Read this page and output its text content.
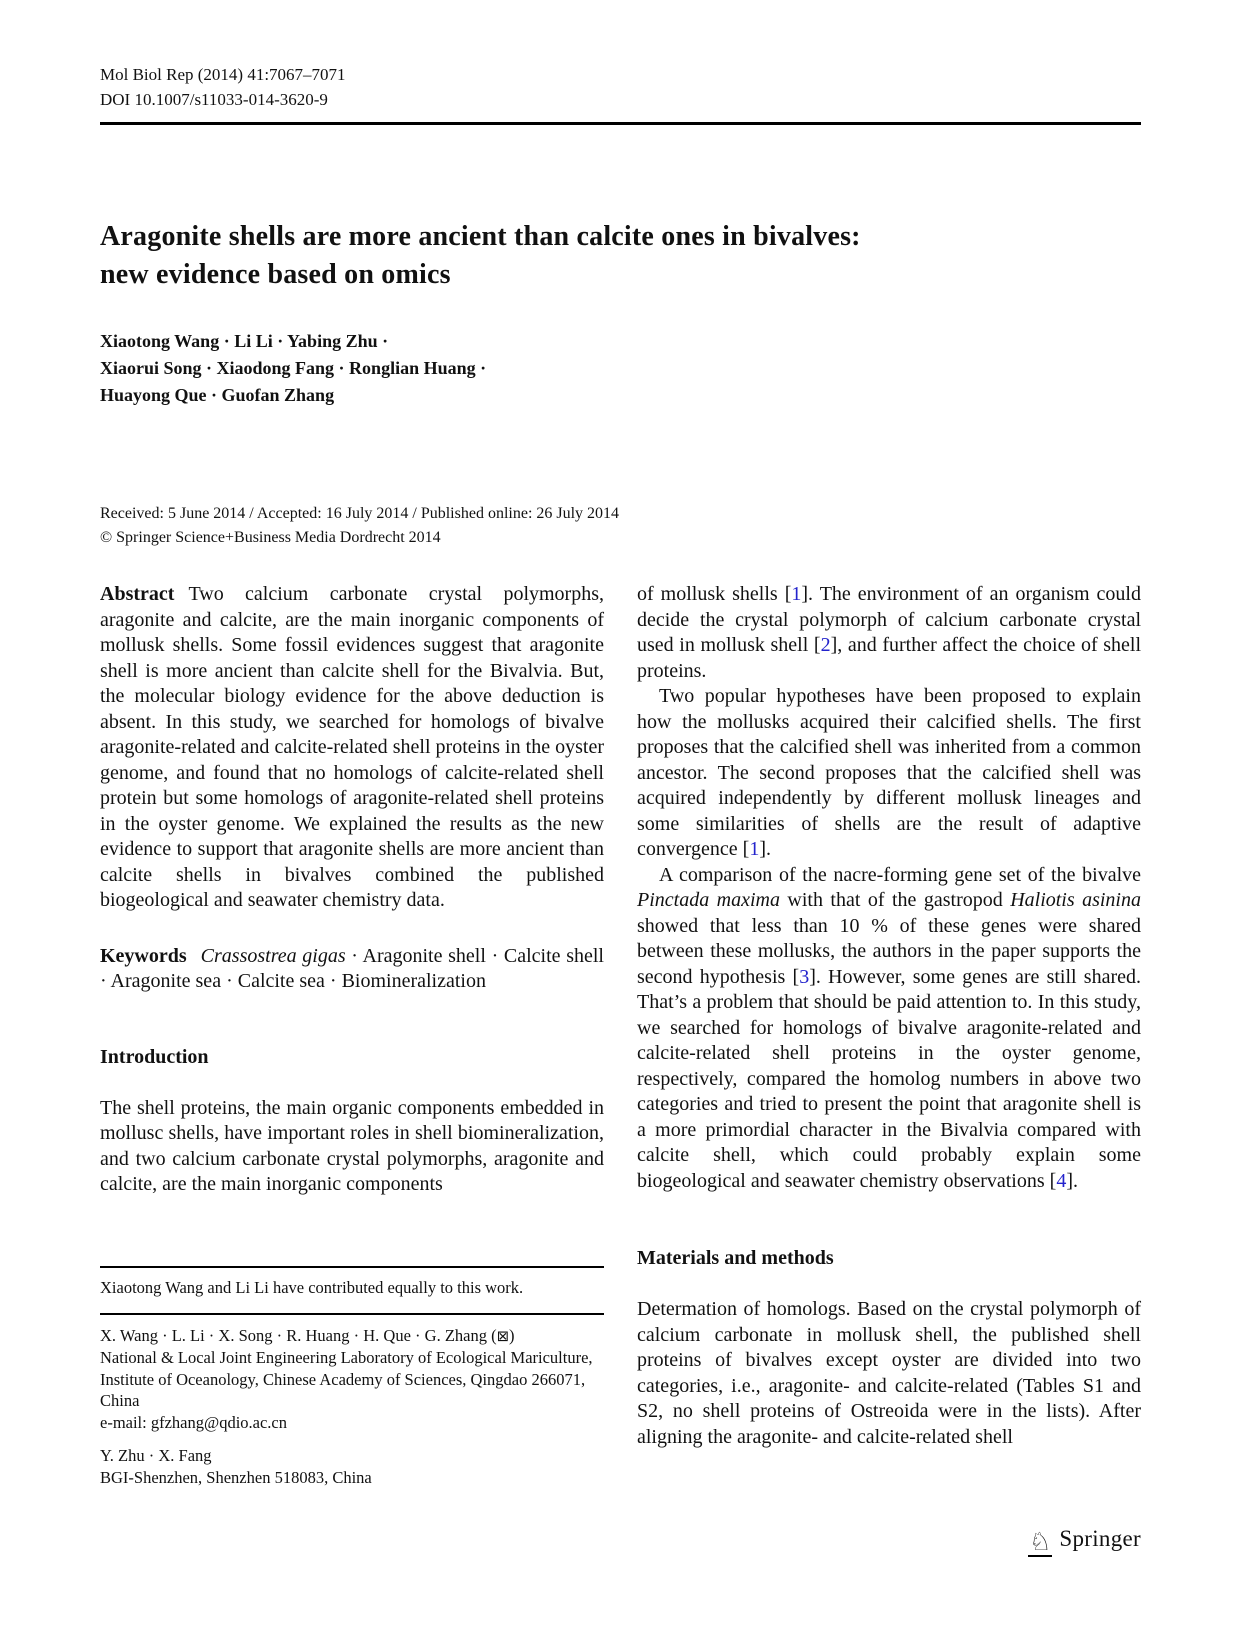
Mol Biol Rep (2014) 41:7067–7071
DOI 10.1007/s11033-014-3620-9
Aragonite shells are more ancient than calcite ones in bivalves:
new evidence based on omics
Xiaotong Wang · Li Li · Yabing Zhu ·
Xiaorui Song · Xiaodong Fang · Ronglian Huang ·
Huayong Que · Guofan Zhang
Received: 5 June 2014 / Accepted: 16 July 2014 / Published online: 26 July 2014
© Springer Science+Business Media Dordrecht 2014

Abstract Two calcium carbonate crystal polymorphs, aragonite and calcite, are the main inorganic components of mollusk shells. Some fossil evidences suggest that aragonite shell is more ancient than calcite shell for the Bivalvia. But, the molecular biology evidence for the above deduction is absent. In this study, we searched for homologs of bivalve aragonite-related and calcite-related shell proteins in the oyster genome, and found that no homologs of calcite-related shell protein but some homologs of aragonite-related shell proteins in the oyster genome. We explained the results as the new evidence to support that aragonite shells are more ancient than calcite shells in bivalves combined the published biogeological and seawater chemistry data.

Keywords Crassostrea gigas · Aragonite shell · Calcite shell · Aragonite sea · Calcite sea · Biomineralization

Introduction

The shell proteins, the main organic components embedded in mollusc shells, have important roles in shell biomineralization, and two calcium carbonate crystal polymorphs, aragonite and calcite, are the main inorganic components

of mollusk shells [1]. The environment of an organism could decide the crystal polymorph of calcium carbonate crystal used in mollusk shell [2], and further affect the choice of shell proteins.

Two popular hypotheses have been proposed to explain how the mollusks acquired their calcified shells. The first proposes that the calcified shell was inherited from a common ancestor. The second proposes that the calcified shell was acquired independently by different mollusk lineages and some similarities of shells are the result of adaptive convergence [1].

A comparison of the nacre-forming gene set of the bivalve Pinctada maxima with that of the gastropod Haliotis asinina showed that less than 10 % of these genes were shared between these mollusks, the authors in the paper supports the second hypothesis [3]. However, some genes are still shared. That’s a problem that should be paid attention to. In this study, we searched for homologs of bivalve aragonite-related and calcite-related shell proteins in the oyster genome, respectively, compared the homolog numbers in above two categories and tried to present the point that aragonite shell is a more primordial character in the Bivalvia compared with calcite shell, which could probably explain some biogeological and seawater chemistry observations [4].

Materials and methods

Determation of homologs. Based on the crystal polymorph of calcium carbonate in mollusk shell, the published shell proteins of bivalves except oyster are divided into two categories, i.e., aragonite- and calcite-related (Tables S1 and S2, no shell proteins of Ostreoida were in the lists). After aligning the aragonite- and calcite-related shell

Xiaotong Wang and Li Li have contributed equally to this work.

X. Wang · L. Li · X. Song · R. Huang · H. Que · G. Zhang (⊠)
National & Local Joint Engineering Laboratory of Ecological Mariculture, Institute of Oceanology, Chinese Academy of Sciences, Qingdao 266071, China
e-mail: gfzhang@qdio.ac.cn

Y. Zhu · X. Fang
BGI-Shenzhen, Shenzhen 518083, China

♘ Springer
